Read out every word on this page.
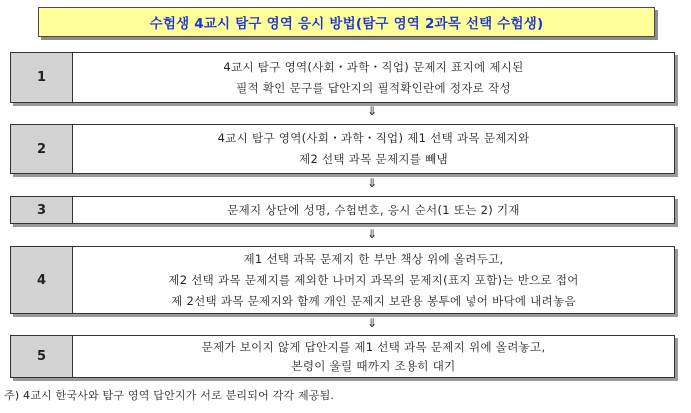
수험생 4교시 탐구 영역 응시 방법(탐구 영역 2과목 선택 수험생)
1
4교시 탐구 영역(사회・과학・직업) 문제지 표지에 제시된
필적 확인 문구를 답안지의 필적확인란에 정자로 작성
⇓
2
4교시 탐구 영역(사회・과학・직업) 제1 선택 과목 문제지와
제2 선택 과목 문제지를 빼냄
⇓
3	문제지 상단에 성명, 수험번호, 응시 순서(1 또는 2) 기재
⇓
4
제1 선택 과목 문제지 한 부만 책상 위에 올려두고,
제2 선택 과목 문제지를 제외한 나머지 과목의 문제지(표지 포함)는 반으로 접어
제 2선택 과목 문제지와 함께 개인 문제지 보관용 봉투에 넣어 바닥에 내려놓음
⇓
5
문제가 보이지 않게 답안지를 제1 선택 과목 문제지 위에 올려놓고,
본령이 울릴 때까지 조용히 대기
주) 4교시 한국사와 탐구 영역 답안지가 서로 분리되어 각각 제공됨.
